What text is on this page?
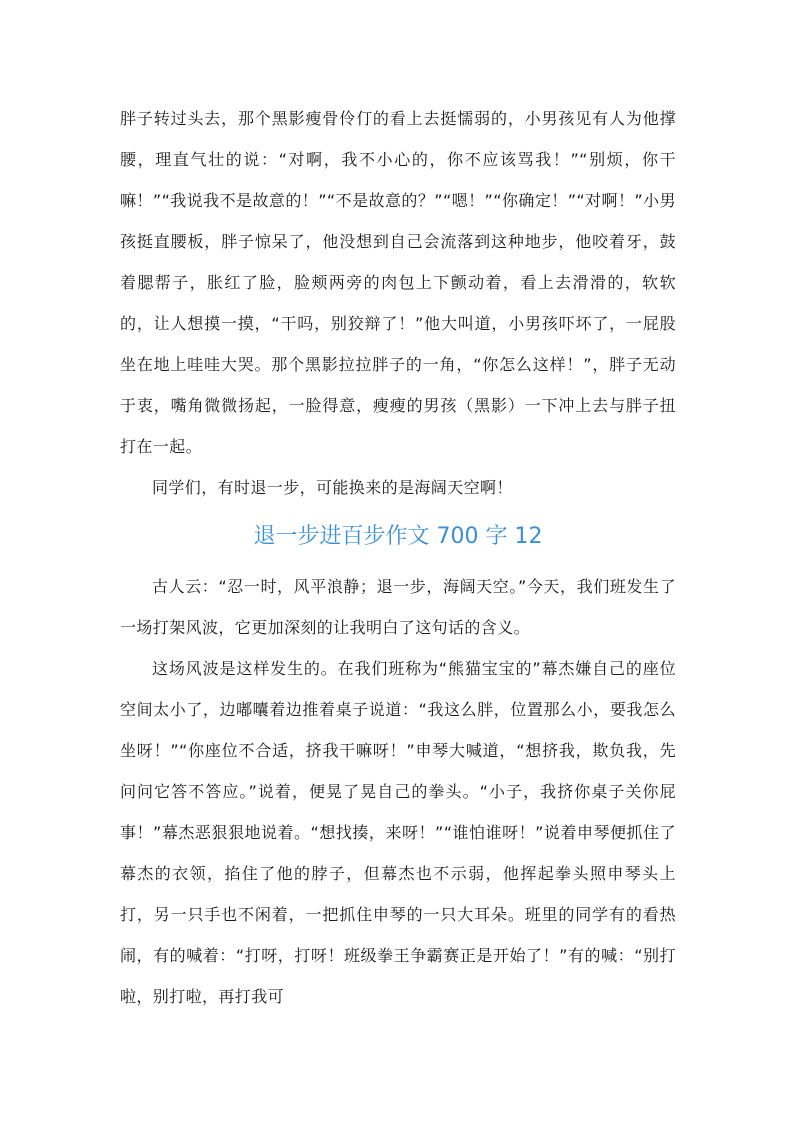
胖子转过头去，那个黑影瘦骨伶仃的看上去挺懦弱的，小男孩见有人为他撑腰，理直气壮的说：“对啊，我不小心的，你不应该骂我！”“别烦，你干嘛！”“我说我不是故意的！”“不是故意的？”“嗯！”“你确定！”“对啊！”小男孩挺直腰板，胖子惊呆了，他没想到自己会流落到这种地步，他咬着牙，鼓着腮帮子，胀红了脸，脸颊两旁的肉包上下颤动着，看上去滑滑的，软软的，让人想摸一摸，“干吗，别狡辩了！”他大叫道，小男孩吓坏了，一屁股坐在地上哇哇大哭。那个黑影拉拉胖子的一角，“你怎么这样！”，胖子无动于衷，嘴角微微扬起，一脸得意，瘦瘦的男孩（黑影）一下冲上去与胖子扭打在一起。

同学们，有时退一步，可能换来的是海阔天空啊！

退一步进百步作文 700 字 12

古人云：“忍一时，风平浪静；退一步，海阔天空。”今天，我们班发生了一场打架风波，它更加深刻的让我明白了这句话的含义。

这场风波是这样发生的。在我们班称为“熊猫宝宝的”幕杰嫌自己的座位空间太小了，边嘟囔着边推着桌子说道：“我这么胖，位置那么小，要我怎么坐呀！”“你座位不合适，挤我干嘛呀！”申琴大喊道，“想挤我，欺负我，先问问它答不答应。”说着，便晃了晃自己的拳头。“小子，我挤你桌子关你屁事！”幕杰恶狠狠地说着。“想找揍，来呀！”“谁怕谁呀！”说着申琴便抓住了幕杰的衣领，掐住了他的脖子，但幕杰也不示弱，他挥起拳头照申琴头上打，另一只手也不闲着，一把抓住申琴的一只大耳朵。班里的同学有的看热闹，有的喊着：“打呀，打呀！班级拳王争霸赛正是开始了！”有的喊：“别打啦，别打啦，再打我可
